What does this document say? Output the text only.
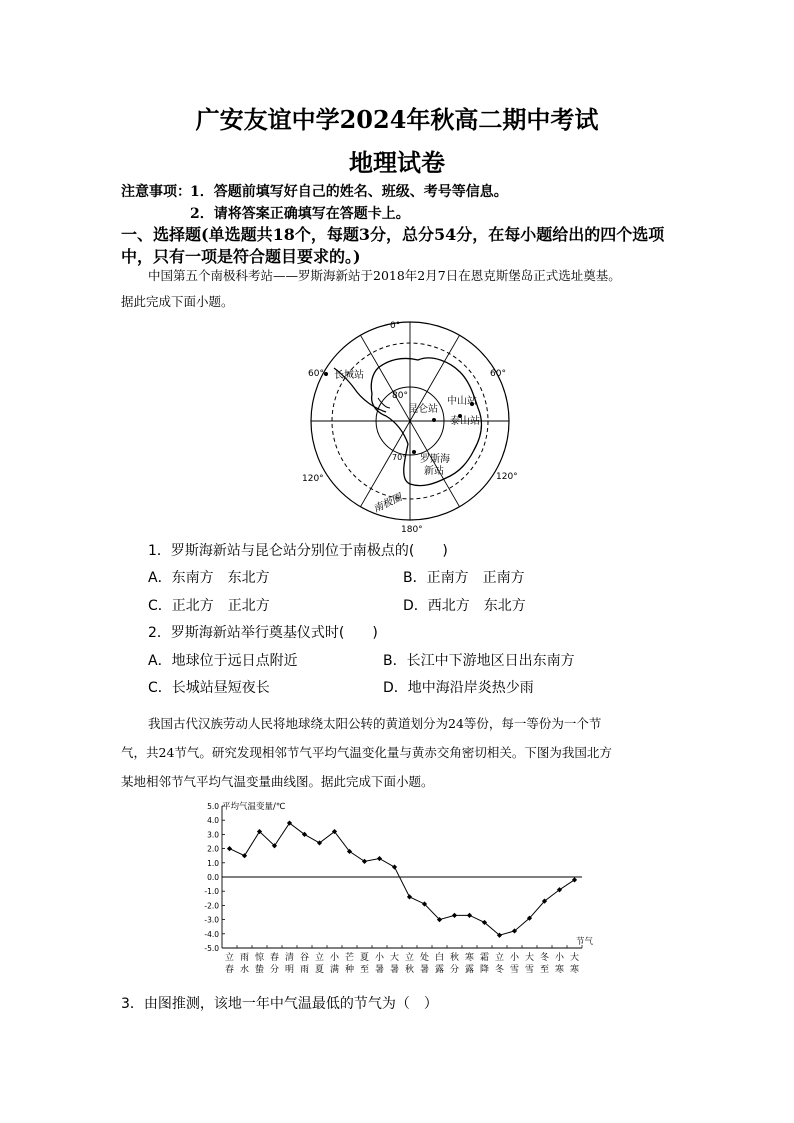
广安友谊中学2024年秋高二期中考试
地理试卷
注意事项： 1．答题前填写好自己的姓名、班级、考号等信息。
2．请将答案正确填写在答题卡上。
一、选择题(单选题共18个，每题3分，总分54分，在每小题给出的四个选项
中，只有一项是符合题目要求的。)
中国第五个南极科考站——罗斯海新站于2018年2月7日在恩克斯堡岛正式选址奠基。
据此完成下面小题。
0°
60°	60°
80°
70°
120°	120°
180°
长城站
昆仑站
中山站
泰山站
罗斯海
新站
南极圈
1．罗斯海新站与昆仑站分别位于南极点的(　　)
A．东南方　东北方	B．正南方　正南方
C．正北方　正北方	D．西北方　东北方
2．罗斯海新站举行奠基仪式时(　　)
A．地球位于远日点附近	B．长江中下游地区日出东南方
C．长城站昼短夜长	D．地中海沿岸炎热少雨
我国古代汉族劳动人民将地球绕太阳公转的黄道划分为24等份，每一等份为一个节
气，共24节气。研究发现相邻节气平均气温变化量与黄赤交角密切相关。下图为我国北方
某地相邻节气平均气温变量曲线图。据此完成下面小题。
5.0
4.0
3.0
2.0
1.0
0.0
-1.0
-2.0
-3.0
-4.0
-5.0
立春
雨水
惊蛰
春分
清明
谷雨
立夏
小满
芒种
夏至
小暑
大暑
立秋
处暑
白露
秋分
寒露
霜降
立冬
小雪
大雪
冬至
小寒
大寒
平均气温变量/℃
节气
3．由图推测，该地一年中气温最低的节气为（　）
